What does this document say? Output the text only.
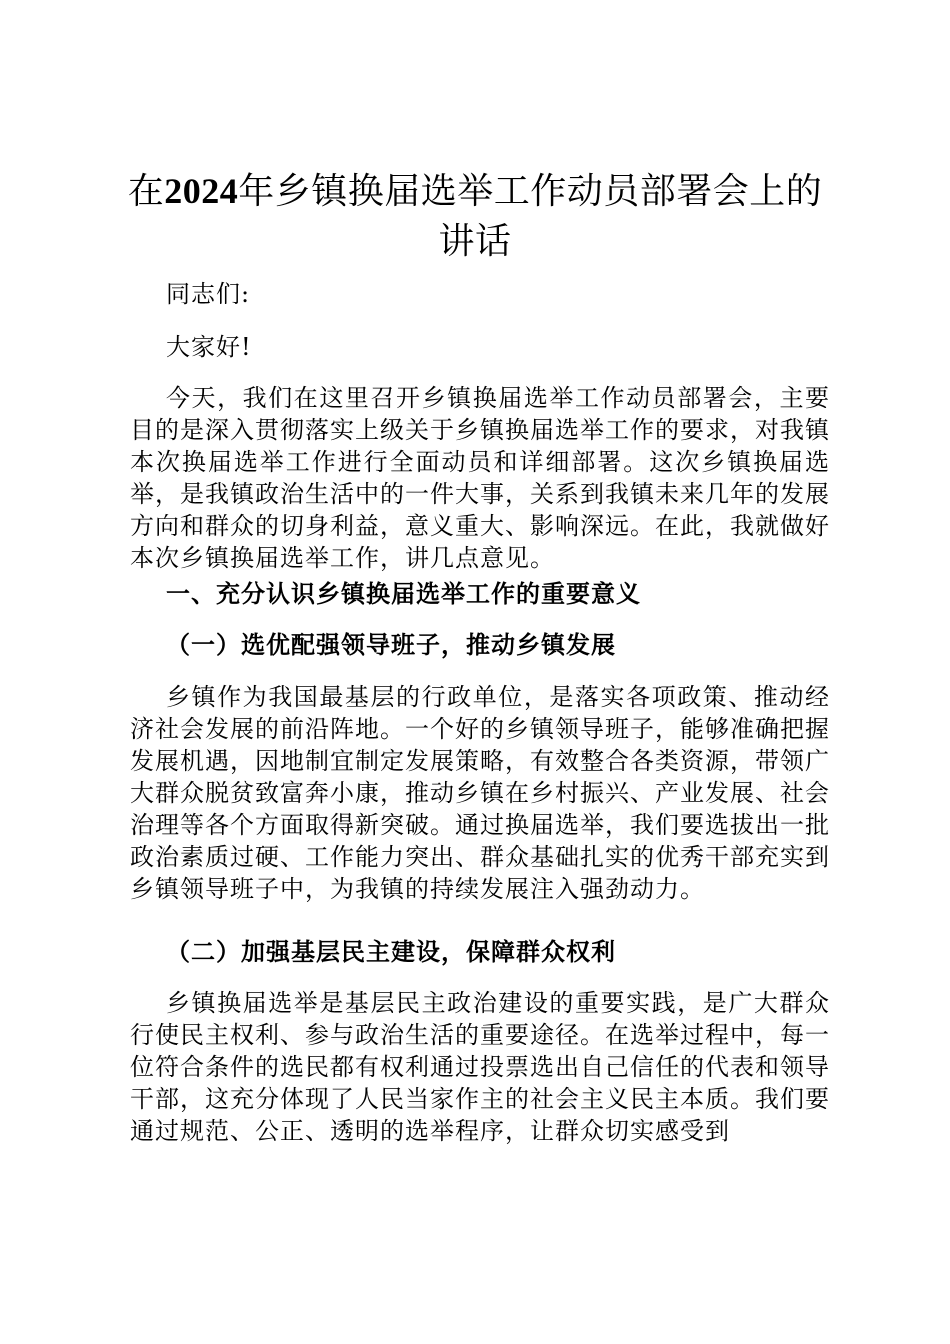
在2024年乡镇换届选举工作动员部署会上的
讲话

同志们:

大家好!

今天，我们在这里召开乡镇换届选举工作动员部署会，主要目的是深入贯彻落实上级关于乡镇换届选举工作的要求，对我镇本次换届选举工作进行全面动员和详细部署。这次乡镇换届选举，是我镇政治生活中的一件大事，关系到我镇未来几年的发展方向和群众的切身利益，意义重大、影响深远。在此，我就做好本次乡镇换届选举工作，讲几点意见。

一、充分认识乡镇换届选举工作的重要意义

（一）选优配强领导班子，推动乡镇发展

乡镇作为我国最基层的行政单位，是落实各项政策、推动经济社会发展的前沿阵地。一个好的乡镇领导班子，能够准确把握发展机遇，因地制宜制定发展策略，有效整合各类资源，带领广大群众脱贫致富奔小康，推动乡镇在乡村振兴、产业发展、社会治理等各个方面取得新突破。通过换届选举，我们要选拔出一批政治素质过硬、工作能力突出、群众基础扎实的优秀干部充实到乡镇领导班子中，为我镇的持续发展注入强劲动力。

（二）加强基层民主建设，保障群众权利

乡镇换届选举是基层民主政治建设的重要实践，是广大群众行使民主权利、参与政治生活的重要途径。在选举过程中，每一位符合条件的选民都有权利通过投票选出自己信任的代表和领导干部，这充分体现了人民当家作主的社会主义民主本质。我们要通过规范、公正、透明的选举程序，让群众切实感受到
